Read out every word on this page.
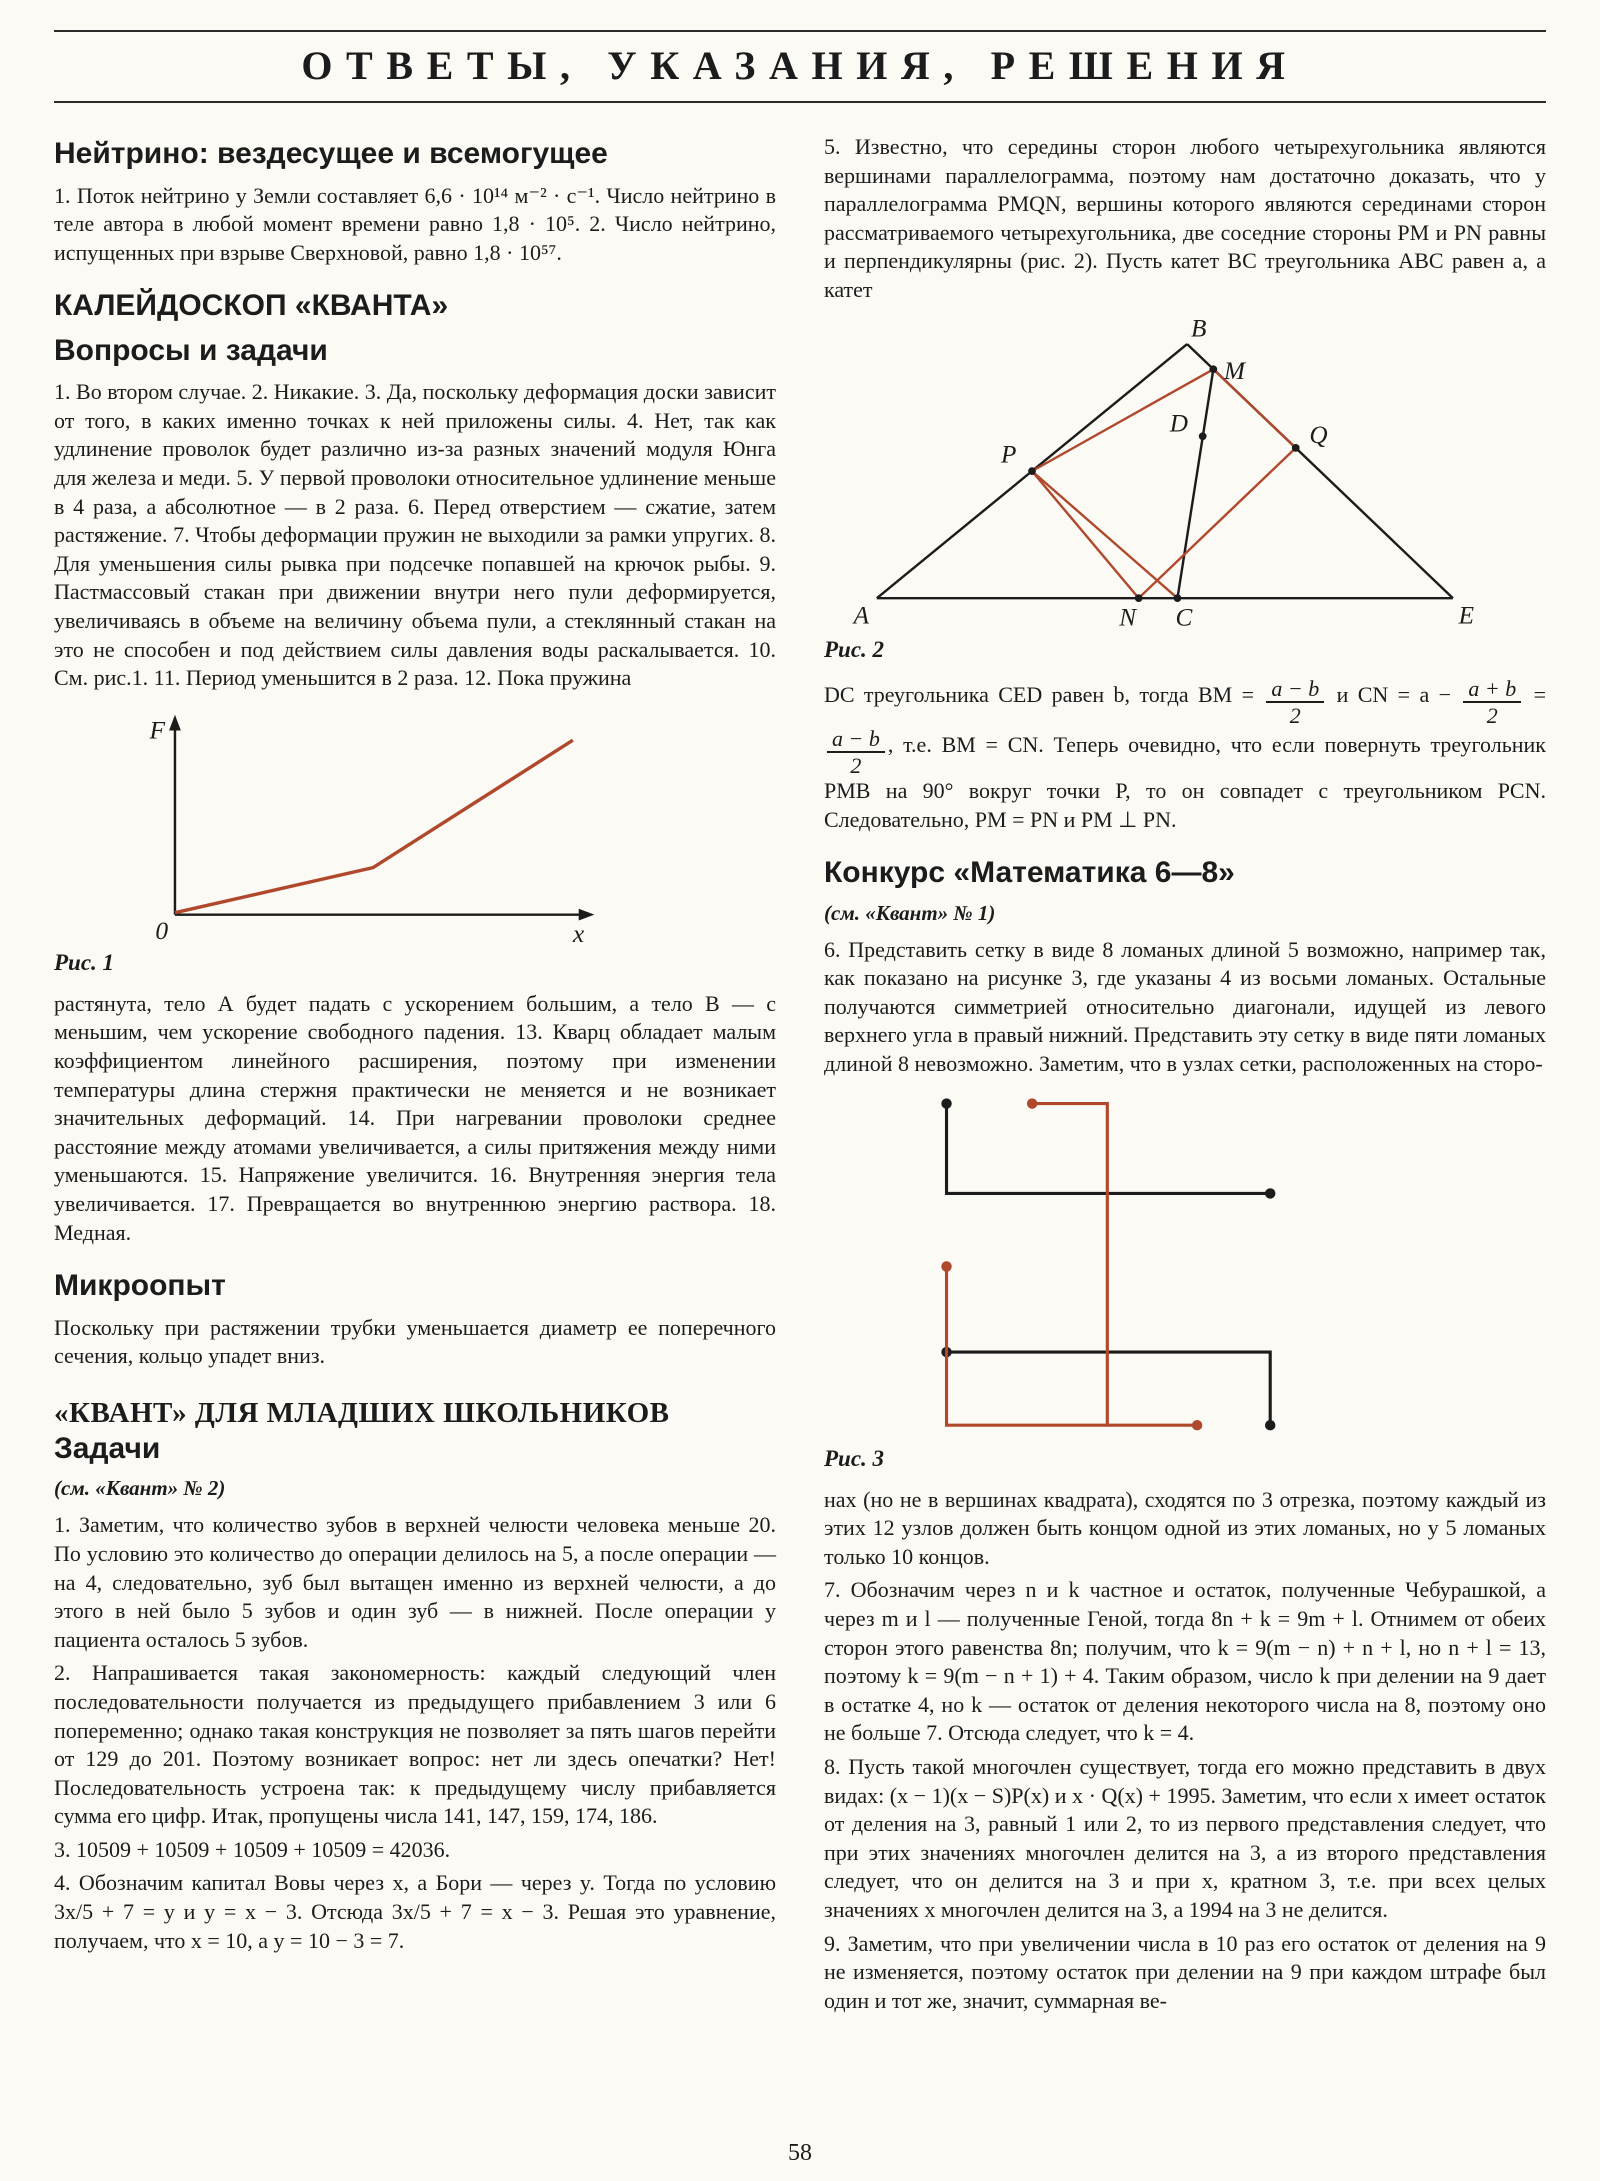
ОТВЕТЫ, УКАЗАНИЯ, РЕШЕНИЯ
Нейтрино: вездесущее и всемогущее

1. Поток нейтрино у Земли составляет 6,6 · 10¹⁴ м⁻² · с⁻¹. Число нейтрино в теле автора в любой момент времени равно 1,8 · 10⁵. 2. Число нейтрино, испущенных при взрыве Сверхновой, равно 1,8 · 10⁵⁷.

КАЛЕЙДОСКОП «КВАНТА»
Вопросы и задачи

1. Во втором случае. 2. Никакие. 3. Да, поскольку деформация доски зависит от того, в каких именно точках к ней приложены силы. 4. Нет, так как удлинение проволок будет различно из-за разных значений модуля Юнга для железа и меди. 5. У первой проволоки относительное удлинение меньше в 4 раза, а абсолютное — в 2 раза. 6. Перед отверстием — сжатие, затем растяжение. 7. Чтобы деформации пружин не выходили за рамки упругих. 8. Для уменьшения силы рывка при подсечке попавшей на крючок рыбы. 9. Пастмассовый стакан при движении внутри него пули деформируется, увеличиваясь в объеме на величину объема пули, а стеклянный стакан на это не способен и под действием силы давления воды раскалывается. 10. См. рис.1. 11. Период уменьшится в 2 раза. 12. Пока пружина

F
x
0
Рис. 1

растянута, тело А будет падать с ускорением большим, а тело В — с меньшим, чем ускорение свободного падения. 13. Кварц обладает малым коэффициентом линейного расширения, поэтому при изменении температуры длина стержня практически не меняется и не возникает значительных деформаций. 14. При нагревании проволоки среднее расстояние между атомами увеличивается, а силы притяжения между ними уменьшаются. 15. Напряжение увеличится. 16. Внутренняя энергия тела увеличивается. 17. Превращается во внутреннюю энергию раствора. 18. Медная.

Микроопыт

Поскольку при растяжении трубки уменьшается диаметр ее поперечного сечения, кольцо упадет вниз.

«КВАНТ» ДЛЯ МЛАДШИХ ШКОЛЬНИКОВ
Задачи

(см. «Квант» № 2)

1. Заметим, что количество зубов в верхней челюсти человека меньше 20. По условию это количество до операции делилось на 5, а после операции — на 4, следовательно, зуб был вытащен именно из верхней челюсти, а до этого в ней было 5 зубов и один зуб — в нижней. После операции у пациента осталось 5 зубов.

2. Напрашивается такая закономерность: каждый следующий член последовательности получается из предыдущего прибавлением 3 или 6 попеременно; однако такая конструкция не позволяет за пять шагов перейти от 129 до 201. Поэтому возникает вопрос: нет ли здесь опечатки? Нет! Последовательность устроена так: к предыдущему числу прибавляется сумма его цифр. Итак, пропущены числа 141, 147, 159, 174, 186.

3. 10509 + 10509 + 10509 + 10509 = 42036.

4. Обозначим капитал Вовы через x, а Бори — через y. Тогда по условию 3x/5 + 7 = y и y = x − 3. Отсюда 3x/5 + 7 = x − 3. Решая это уравнение, получаем, что x = 10, а y = 10 − 3 = 7.

5. Известно, что середины сторон любого четырехугольника являются вершинами параллелограмма, поэтому нам достаточно доказать, что у параллелограмма PMQN, вершины которого являются серединами сторон рассматриваемого четырехугольника, две соседние стороны PM и PN равны и перпендикулярны (рис. 2). Пусть катет ВС треугольника АВС равен a, а катет

A
B
M
D
P
Q
N C	E
Рис. 2

DC треугольника CED равен b, тогда BM = $\frac{a - b}{2}$ и CN = $a - \frac{a + b}{2}$ =
$\frac{a - b}{2}$ , т.е. BM = CN. Теперь очевидно, что если повернуть треугольник PMB на 90° вокруг точки P, то он совпадет с треугольником PCN. Следовательно, PM = PN и PM ⊥ PN.

Конкурс «Математика 6—8»

(см. «Квант» № 1)

6. Представить сетку в виде 8 ломаных длиной 5 возможно, например так, как показано на рисунке 3, где указаны 4 из восьми ломаных. Остальные получаются симметрией относительно диагонали, идущей из левого верхнего угла в правый нижний. Представить эту сетку в виде пяти ломаных длиной 8 невозможно. Заметим, что в узлах сетки, расположенных на сторо-

Рис. 3

нах (но не в вершинах квадрата), сходятся по 3 отрезка, поэтому каждый из этих 12 узлов должен быть концом одной из этих ломаных, но у 5 ломаных только 10 концов.

7. Обозначим через n и k частное и остаток, полученные Чебурашкой, а через m и l — полученные Геной, тогда 8n + k = 9m + l. Отнимем от обеих сторон этого равенства 8n; получим, что k = 9(m − n) + n + l, но n + l = 13, поэтому k = 9(m − n + 1) + 4. Таким образом, число k при делении на 9 дает в остатке 4, но k — остаток от деления некоторого числа на 8, поэтому оно не больше 7. Отсюда следует, что k = 4.

8. Пусть такой многочлен существует, тогда его можно представить в двух видах: (x − 1)(x − S)P(x) и x · Q(x) + 1995. Заметим, что если x имеет остаток от деления на 3, равный 1 или 2, то из первого представления следует, что при этих значениях многочлен делится на 3, а из второго представления следует, что он делится на 3 и при x, кратном 3, т.е. при всех целых значениях x многочлен делится на 3, а 1994 на 3 не делится.

9. Заметим, что при увеличении числа в 10 раз его остаток от деления на 9 не изменяется, поэтому остаток при делении на 9 при каждом штрафе был один и тот же, значит, суммарная ве-

58
